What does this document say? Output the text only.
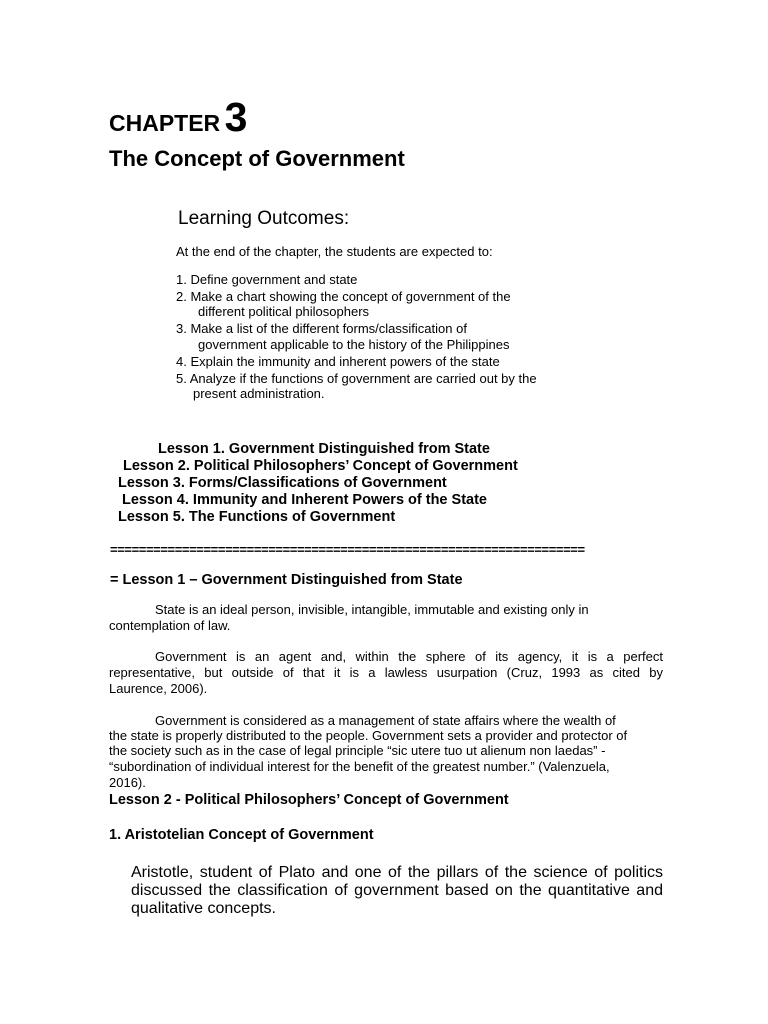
CHAPTER 3
The Concept of Government
Learning Outcomes:
At the end of the chapter, the students are expected to:
1. Define government and state
2. Make a chart showing the concept of government of the
different political philosophers
3. Make a list of the different forms/classification of
government applicable to the history of the Philippines
4. Explain the immunity and inherent powers of the state
5. Analyze if the functions of government are carried out by the
present administration.
Lesson 1. Government Distinguished from State
Lesson 2. Political Philosophers’ Concept of Government
Lesson 3. Forms/Classifications of Government
Lesson 4. Immunity and Inherent Powers of the State
Lesson 5. The Functions of Government
==================================================================
= Lesson 1 – Government Distinguished from State
State is an ideal person, invisible, intangible, immutable and existing only in
contemplation of law.
Government is an agent and, within the sphere of its agency, it is a perfect
representative, but outside of that it is a lawless usurpation (Cruz, 1993 as cited by
Laurence, 2006).
Government is considered as a management of state affairs where the wealth of
the state is properly distributed to the people. Government sets a provider and protector of
the society such as in the case of legal principle “sic utere tuo ut alienum non laedas” -
“subordination of individual interest for the benefit of the greatest number.” (Valenzuela,
2016).
Lesson 2 - Political Philosophers’ Concept of Government
1. Aristotelian Concept of Government
Aristotle, student of Plato and one of the pillars of the science of politics
discussed the classification of government based on the quantitative and
qualitative concepts.
